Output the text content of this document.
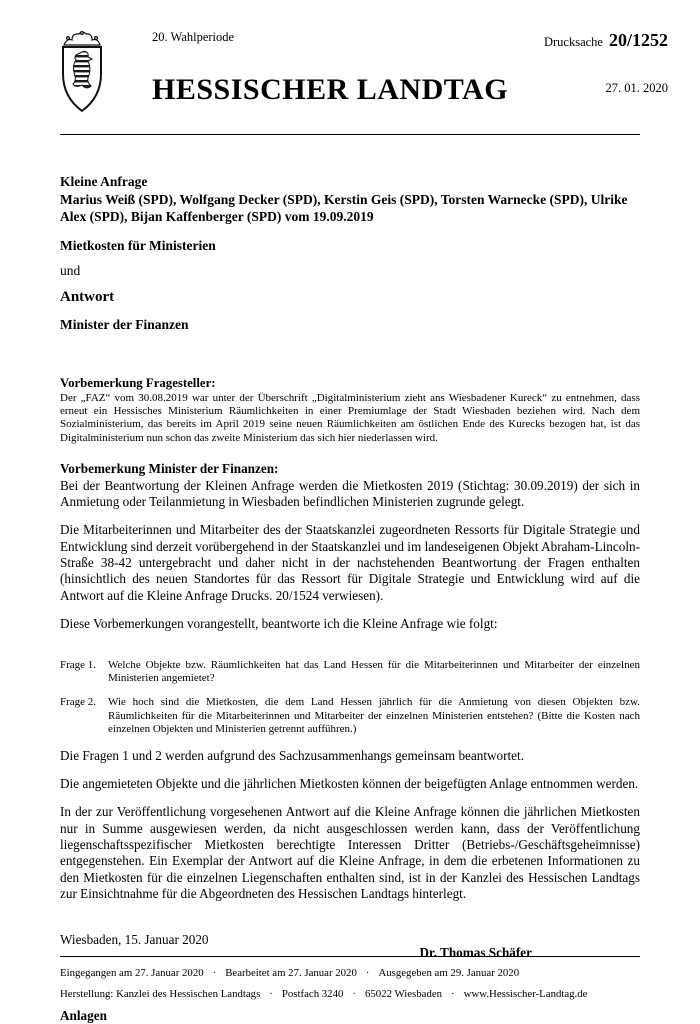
20. Wahlperiode
HESSISCHER LANDTAG
Drucksache 20/1252
27. 01. 2020
Kleine Anfrage
Marius Weiß (SPD), Wolfgang Decker (SPD), Kerstin Geis (SPD), Torsten Warnecke (SPD), Ulrike Alex (SPD), Bijan Kaffenberger (SPD) vom 19.09.2019
Mietkosten für Ministerien
und
Antwort
Minister der Finanzen
Vorbemerkung Fragesteller:
Der „FAZ“ vom 30.08.2019 war unter der Überschrift „Digitalministerium zieht ans Wiesbadener Kureck“ zu entnehmen, dass erneut ein Hessisches Ministerium Räumlichkeiten in einer Premiumlage der Stadt Wiesbaden beziehen wird. Nach dem Sozialministerium, das bereits im April 2019 seine neuen Räumlichkeiten am östlichen Ende des Kurecks bezogen hat, ist das Digitalministerium nun schon das zweite Ministerium das sich hier niederlassen wird.
Vorbemerkung Minister der Finanzen:
Bei der Beantwortung der Kleinen Anfrage werden die Mietkosten 2019 (Stichtag: 30.09.2019) der sich in Anmietung oder Teilanmietung in Wiesbaden befindlichen Ministerien zugrunde gelegt.
Die Mitarbeiterinnen und Mitarbeiter des der Staatskanzlei zugeordneten Ressorts für Digitale Strategie und Entwicklung sind derzeit vorübergehend in der Staatskanzlei und im landeseigenen Objekt Abraham-Lincoln-Straße 38-42 untergebracht und daher nicht in der nachstehenden Beantwortung der Fragen enthalten (hinsichtlich des neuen Standortes für das Ressort für Digitale Strategie und Entwicklung wird auf die Antwort auf die Kleine Anfrage Drucks. 20/1524 verwiesen).
Diese Vorbemerkungen vorangestellt, beantworte ich die Kleine Anfrage wie folgt:
Frage 1.	Welche Objekte bzw. Räumlichkeiten hat das Land Hessen für die Mitarbeiterinnen und Mitarbeiter der einzelnen Ministerien angemietet?
Frage 2.	Wie hoch sind die Mietkosten, die dem Land Hessen jährlich für die Anmietung von diesen Objekten bzw. Räumlichkeiten für die Mitarbeiterinnen und Mitarbeiter der einzelnen Ministerien entstehen? (Bitte die Kosten nach einzelnen Objekten und Ministerien getrennt aufführen.)
Die Fragen 1 und 2 werden aufgrund des Sachzusammenhangs gemeinsam beantwortet.
Die angemieteten Objekte und die jährlichen Mietkosten können der beigefügten Anlage entnommen werden.
In der zur Veröffentlichung vorgesehenen Antwort auf die Kleine Anfrage können die jährlichen Mietkosten nur in Summe ausgewiesen werden, da nicht ausgeschlossen werden kann, dass der Veröffentlichung liegenschaftsspezifischer Mietkosten berechtigte Interessen Dritter (Betriebs-/Geschäftsgeheimnisse) entgegenstehen. Ein Exemplar der Antwort auf die Kleine Anfrage, in dem die erbetenen Informationen zu den Mietkosten für die einzelnen Liegenschaften enthalten sind, ist in der Kanzlei des Hessischen Landtags zur Einsichtnahme für die Abgeordneten des Hessischen Landtags hinterlegt.
Wiesbaden, 15. Januar 2020
Dr. Thomas Schäfer
Anlagen
Eingegangen am 27. Januar 2020 · Bearbeitet am 27. Januar 2020 · Ausgegeben am 29. Januar 2020
Herstellung: Kanzlei des Hessischen Landtags · Postfach 3240 · 65022 Wiesbaden · www.Hessischer-Landtag.de
